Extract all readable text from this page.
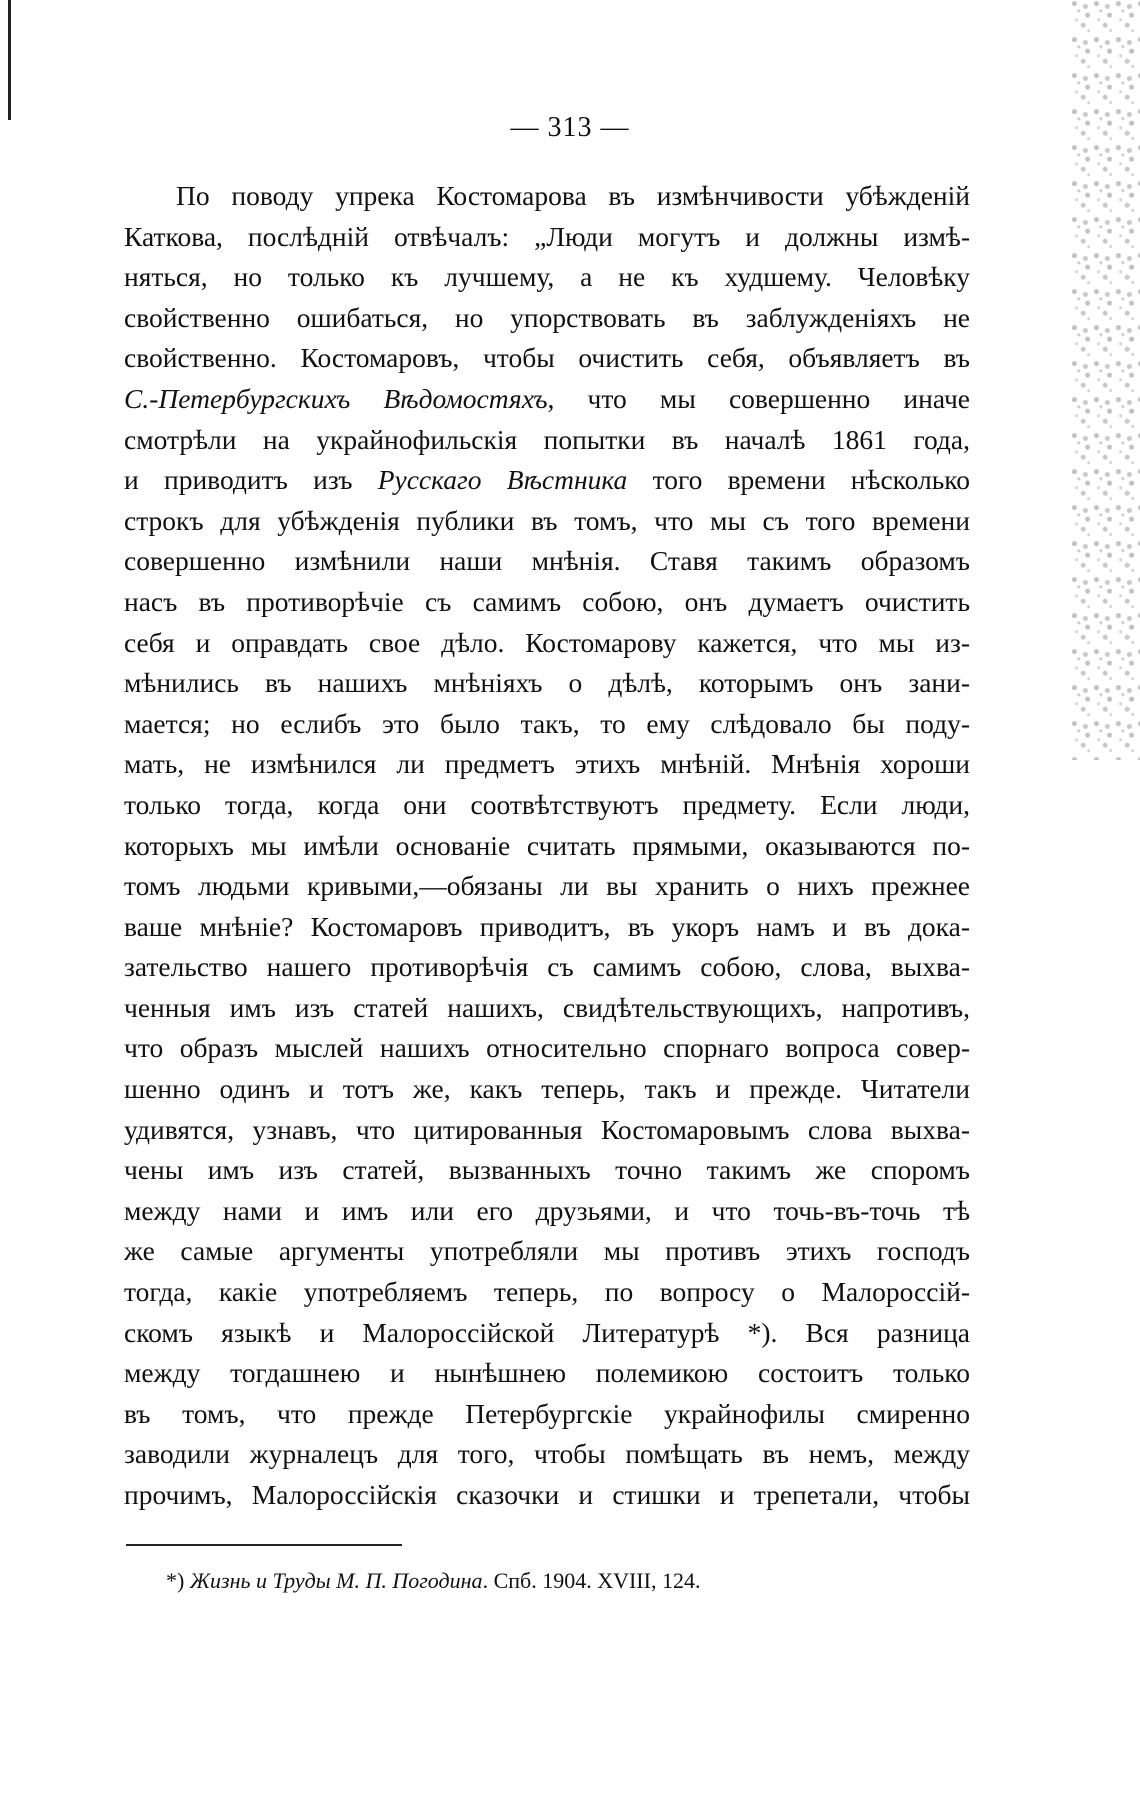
— 313 —
По поводу упрека Костомарова въ измѣнчивости убѣжденій
Каткова, послѣдній отвѣчалъ: „Люди могутъ и должны измѣ-
няться, но только къ лучшему, а не къ худшему. Человѣку
свойственно ошибаться, но упорствовать въ заблужденіяхъ не
свойственно. Костомаровъ, чтобы очистить себя, объявляетъ въ
С.-Петербургскихъ Вѣдомостяхъ, что мы совершенно иначе
смотрѣли на украйнофильскія попытки въ началѣ 1861 года,
и приводитъ изъ Русскаго Вѣстника того времени нѣсколько
строкъ для убѣжденія публики въ томъ, что мы съ того времени
совершенно измѣнили наши мнѣнія. Ставя такимъ образомъ
насъ въ противорѣчіе съ самимъ собою, онъ думаетъ очистить
себя и оправдать свое дѣло. Костомарову кажется, что мы из-
мѣнились въ нашихъ мнѣніяхъ о дѣлѣ, которымъ онъ зани-
мается; но еслибъ это было такъ, то ему слѣдовало бы поду-
мать, не измѣнился ли предметъ этихъ мнѣній. Мнѣнія хороши
только тогда, когда они соотвѣтствуютъ предмету. Если люди,
которыхъ мы имѣли основаніе считать прямыми, оказываются по-
томъ людьми кривыми,—обязаны ли вы хранить о нихъ прежнее
ваше мнѣніе? Костомаровъ приводитъ, въ укоръ намъ и въ дока-
зательство нашего противорѣчія съ самимъ собою, слова, выхва-
ченныя имъ изъ статей нашихъ, свидѣтельствующихъ, напротивъ,
что образъ мыслей нашихъ относительно спорнаго вопроса совер-
шенно одинъ и тотъ же, какъ теперь, такъ и прежде. Читатели
удивятся, узнавъ, что цитированныя Костомаровымъ слова выхва-
чены имъ изъ статей, вызванныхъ точно такимъ же споромъ
между нами и имъ или его друзьями, и что точь-въ-точь тѣ
же самые аргументы употребляли мы противъ этихъ господъ
тогда, какіе употребляемъ теперь, по вопросу о Малороссій-
скомъ языкѣ и Малороссійской Литературѣ *). Вся разница
между тогдашнею и нынѣшнею полемикою состоитъ только
въ томъ, что прежде Петербургскіе украйнофилы смиренно
заводили журналецъ для того, чтобы помѣщать въ немъ, между
прочимъ, Малороссійскія сказочки и стишки и трепетали, чтобы
*) Жизнь и Труды М. П. Погодина. Спб. 1904. XVIII, 124.
